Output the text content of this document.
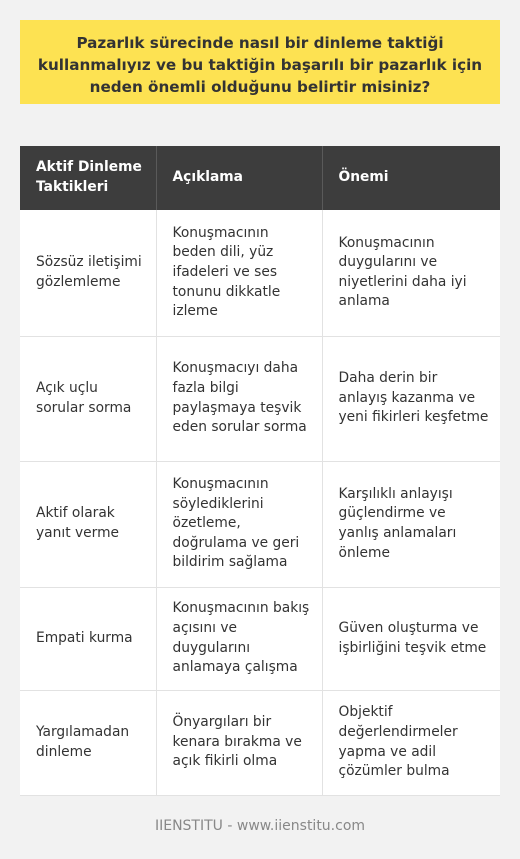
Pazarlık sürecinde nasıl bir dinleme taktiği kullanmalıyız ve bu taktiğin başarılı bir pazarlık için neden önemli olduğunu belirtir misiniz?
Aktif Dinleme Taktikleri	Açıklama	Önemi
Sözsüz iletişimi gözlemleme	Konuşmacının beden dili, yüz ifadeleri ve ses tonunu dikkatle izleme	Konuşmacının duygularını ve niyetlerini daha iyi anlama
Açık uçlu sorular sorma	Konuşmacıyı daha fazla bilgi paylaşmaya teşvik eden sorular sorma	Daha derin bir anlayış kazanma ve yeni fikirleri keşfetme
Aktif olarak yanıt verme	Konuşmacının söylediklerini özetleme, doğrulama ve geri bildirim sağlama	Karşılıklı anlayışı güçlendirme ve yanlış anlamaları önleme
Empati kurma	Konuşmacının bakış açısını ve duygularını anlamaya çalışma	Güven oluşturma ve işbirliğini teşvik etme
Yargılamadan dinleme	Önyargıları bir kenara bırakma ve açık fikirli olma	Objektif değerlendirmeler yapma ve adil çözümler bulma
IIENSTITU - www.iienstitu.com
